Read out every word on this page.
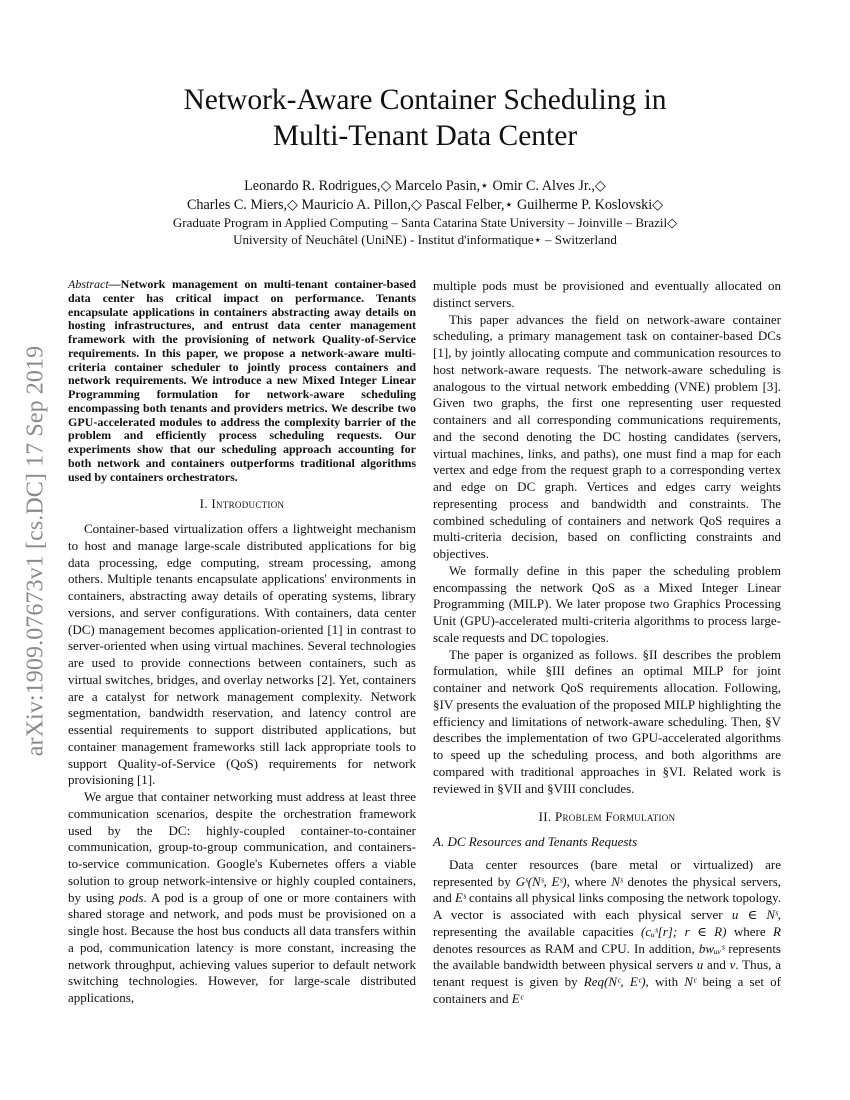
arXiv:1909.07673v1 [cs.DC] 17 Sep 2019
Network-Aware Container Scheduling in
Multi-Tenant Data Center
Leonardo R. Rodrigues,◇ Marcelo Pasin,⋆ Omir C. Alves Jr.,◇
Charles C. Miers,◇ Mauricio A. Pillon,◇ Pascal Felber,⋆ Guilherme P. Koslovski◇
Graduate Program in Applied Computing – Santa Catarina State University – Joinville – Brazil◇
University of Neuchâtel (UniNE) - Institut d'informatique⋆ – Switzerland

Abstract—Network management on multi-tenant container-based data center has critical impact on performance. Tenants encapsulate applications in containers abstracting away details on hosting infrastructures, and entrust data center management framework with the provisioning of network Quality-of-Service requirements. In this paper, we propose a network-aware multi-criteria container scheduler to jointly process containers and network requirements. We introduce a new Mixed Integer Linear Programming formulation for network-aware scheduling encompassing both tenants and providers metrics. We describe two GPU-accelerated modules to address the complexity barrier of the problem and efficiently process scheduling requests. Our experiments show that our scheduling approach accounting for both network and containers outperforms traditional algorithms used by containers orchestrators.

I. Introduction

Container-based virtualization offers a lightweight mechanism to host and manage large-scale distributed applications for big data processing, edge computing, stream processing, among others. Multiple tenants encapsulate applications' environments in containers, abstracting away details of operating systems, library versions, and server configurations. With containers, data center (DC) management becomes application-oriented [1] in contrast to server-oriented when using virtual machines. Several technologies are used to provide connections between containers, such as virtual switches, bridges, and overlay networks [2]. Yet, containers are a catalyst for network management complexity. Network segmentation, bandwidth reservation, and latency control are essential requirements to support distributed applications, but container management frameworks still lack appropriate tools to support Quality-of-Service (QoS) requirements for network provisioning [1].

We argue that container networking must address at least three communication scenarios, despite the orchestration framework used by the DC: highly-coupled container-to-container communication, group-to-group communication, and containers-to-service communication. Google's Kubernetes offers a viable solution to group network-intensive or highly coupled containers, by using pods. A pod is a group of one or more containers with shared storage and network, and pods must be provisioned on a single host. Because the host bus conducts all data transfers within a pod, communication latency is more constant, increasing the network throughput, achieving values superior to default network switching technologies. However, for large-scale distributed applications,

multiple pods must be provisioned and eventually allocated on distinct servers.

This paper advances the field on network-aware container scheduling, a primary management task on container-based DCs [1], by jointly allocating compute and communication resources to host network-aware requests. The network-aware scheduling is analogous to the virtual network embedding (VNE) problem [3]. Given two graphs, the first one representing user requested containers and all corresponding communications requirements, and the second denoting the DC hosting candidates (servers, virtual machines, links, and paths), one must find a map for each vertex and edge from the request graph to a corresponding vertex and edge on DC graph. Vertices and edges carry weights representing process and bandwidth and constraints. The combined scheduling of containers and network QoS requires a multi-criteria decision, based on conflicting constraints and objectives.

We formally define in this paper the scheduling problem encompassing the network QoS as a Mixed Integer Linear Programming (MILP). We later propose two Graphics Processing Unit (GPU)-accelerated multi-criteria algorithms to process large-scale requests and DC topologies.

The paper is organized as follows. §II describes the problem formulation, while §III defines an optimal MILP for joint container and network QoS requirements allocation. Following, §IV presents the evaluation of the proposed MILP highlighting the efficiency and limitations of network-aware scheduling. Then, §V describes the implementation of two GPU-accelerated algorithms to speed up the scheduling process, and both algorithms are compared with traditional approaches in §VI. Related work is reviewed in §VII and §VIII concludes.

II. Problem Formulation
A. DC Resources and Tenants Requests

Data center resources (bare metal or virtualized) are represented by Gˢ(Nˢ, Eˢ), where Nˢ denotes the physical servers, and Eˢ contains all physical links composing the network topology. A vector is associated with each physical server u ∈ Nˢ, representing the available capacities (cᵤˢ[r]; r ∈ R) where R denotes resources as RAM and CPU. In addition, bwᵤᵥˢ represents the available bandwidth between physical servers u and v. Thus, a tenant request is given by Req(Nᶜ, Eᶜ), with Nᶜ being a set of containers and Eᶜ
